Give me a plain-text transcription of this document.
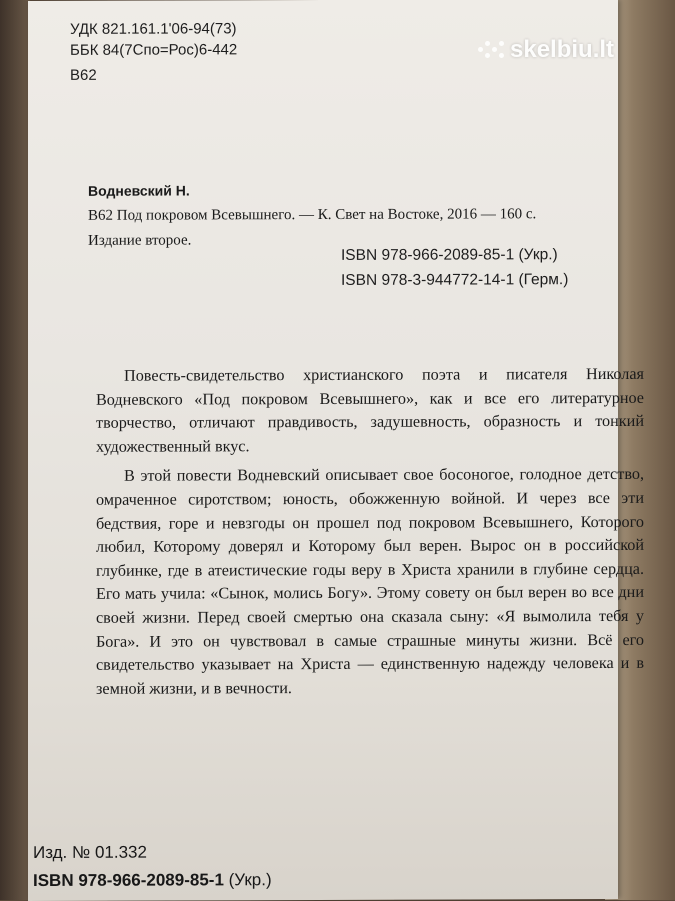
УДК 821.161.1'06-94(73)
ББК 84(7Спо=Рос)6-442
В62
Водневский Н.
В62 Под покровом Всевышнего. — К. Свет на Востоке, 2016 — 160 с.
Издание второе.
ISBN 978-966-2089-85-1 (Укр.)
ISBN 978-3-944772-14-1 (Герм.)

Повесть-свидетельство христианского поэта и писателя Николая Водневского «Под покровом Всевышнего», как и все его литературное творчество, отличают правдивость, задушевность, образность и тонкий художественный вкус.

В этой повести Водневский описывает свое босоногое, голодное детство, омраченное сиротством; юность, обожженную войной. И через все эти бедствия, горе и невзгоды он прошел под покровом Всевышнего, Которого любил, Которому доверял и Которому был верен. Вырос он в российской глубинке, где в атеистические годы веру в Христа хранили в глубине сердца. Его мать учила: «Сынок, молись Богу». Этому совету он был верен во все дни своей жизни. Перед своей смертью она сказала сыну: «Я вымолила тебя у Бога». И это он чувствовал в самые страшные минуты жизни. Всё его свидетельство указывает на Христа — единственную надежду человека и в земной жизни, и в вечности.

Изд. № 01.332
ISBN 978-966-2089-85-1 (Укр.)
skelbiu.lt
